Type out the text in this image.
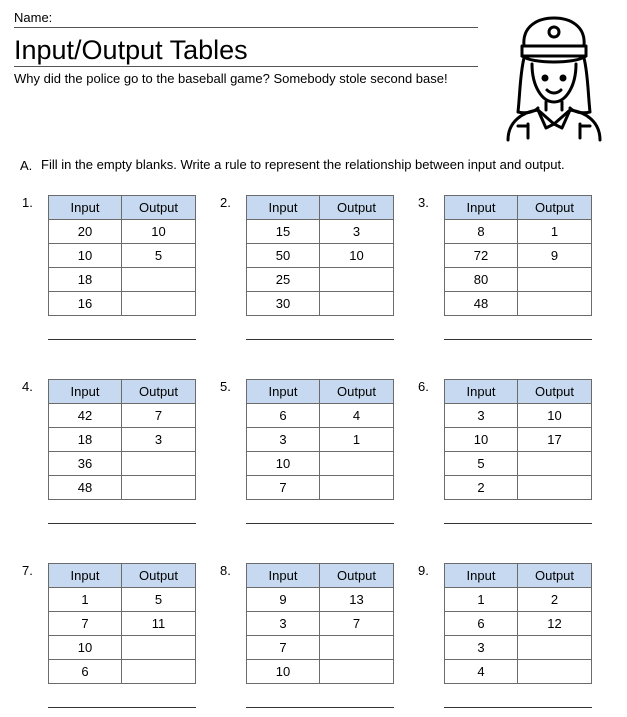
Name:
Input/Output Tables
Why did the police go to the baseball game? Somebody stole second base!
A. Fill in the empty blanks. Write a rule to represent the relationship between input and output.
1.	Input	Output
20	10
10	5
18	
16	
2.	Input	Output
15	3
50	10
25	
30	
3.	Input	Output
8	1
72	9
80	
48	
4.	Input	Output
42	7
18	3
36	
48	
5.	Input	Output
6	4
3	1
10	
7	
6.	Input	Output
3	10
10	17
5	
2	
7.	Input	Output
1	5
7	11
10	
6	
8.	Input	Output
9	13
3	7
7	
10	
9.	Input	Output
1	2
6	12
3	
4	
